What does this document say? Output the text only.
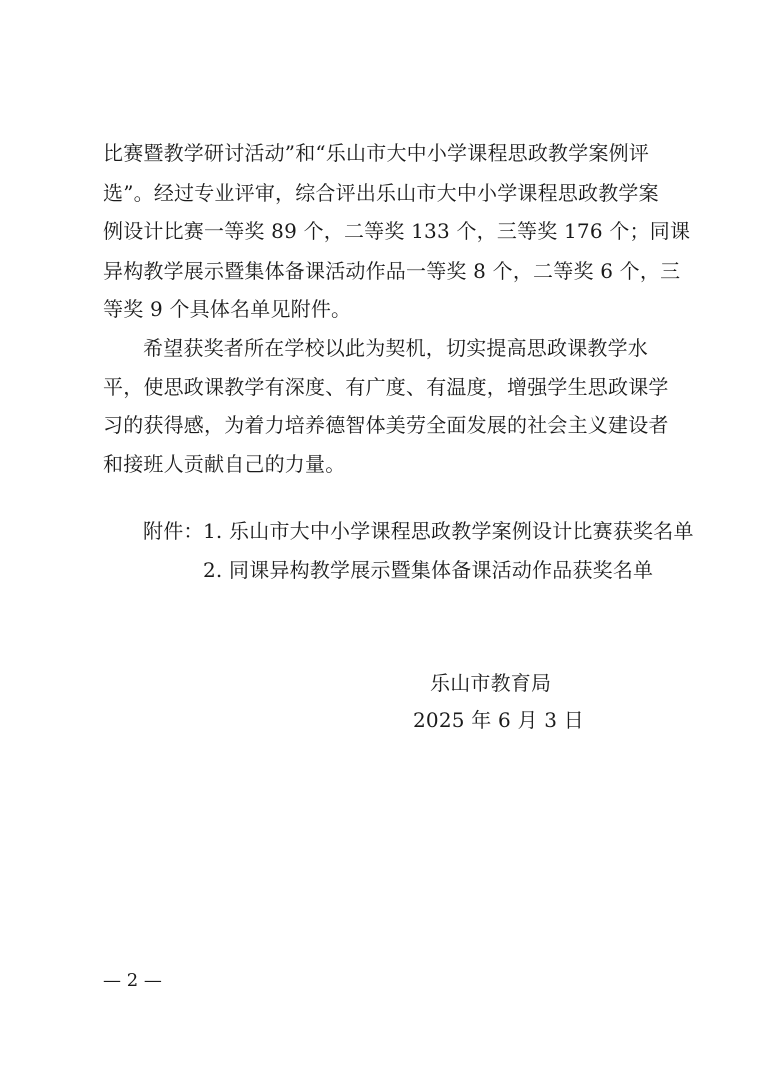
比赛暨教学研讨活动”和“乐山市大中小学课程思政教学案例评
选”。经过专业评审，综合评出乐山市大中小学课程思政教学案
例设计比赛一等奖 89 个，二等奖 133 个，三等奖 176 个；同课
异构教学展示暨集体备课活动作品一等奖 8 个，二等奖 6 个，三
等奖 9 个具体名单见附件。
希望获奖者所在学校以此为契机，切实提高思政课教学水
平，使思政课教学有深度、有广度、有温度，增强学生思政课学
习的获得感，为着力培养德智体美劳全面发展的社会主义建设者
和接班人贡献自己的力量。
附件： 1. 乐山市大中小学课程思政教学案例设计比赛获奖名单
2. 同课异构教学展示暨集体备课活动作品获奖名单
乐山市教育局
2025 年 6 月 3 日
— 2 —
